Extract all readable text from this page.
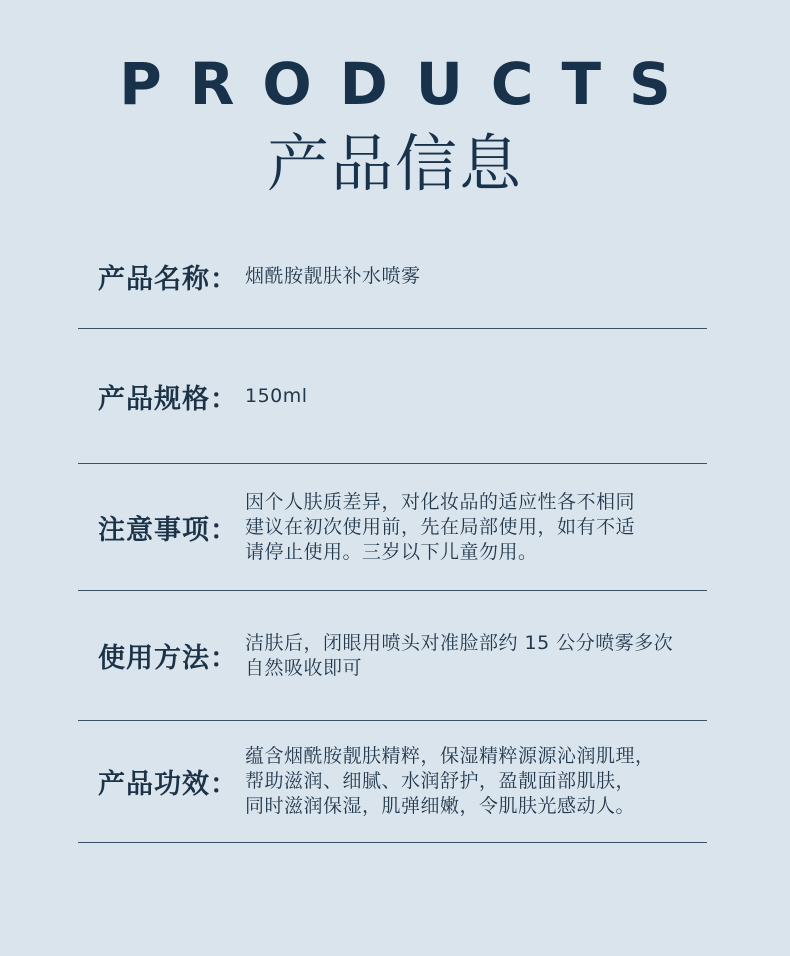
PRODUCTS
产品信息
产品名称： 烟酰胺靓肤补水喷雾
产品规格： 150ml
注意事项：
因个人肤质差异，对化妆品的适应性各不相同
建议在初次使用前，先在局部使用，如有不适
请停止使用。三岁以下儿童勿用。
使用方法：
洁肤后，闭眼用喷头对准脸部约 15 公分喷雾多次
自然吸收即可
产品功效：
蕴含烟酰胺靓肤精粹，保湿精粹源源沁润肌理，
帮助滋润、细腻、水润舒护，盈靓面部肌肤，
同时滋润保湿，肌弹细嫩，令肌肤光感动人。
